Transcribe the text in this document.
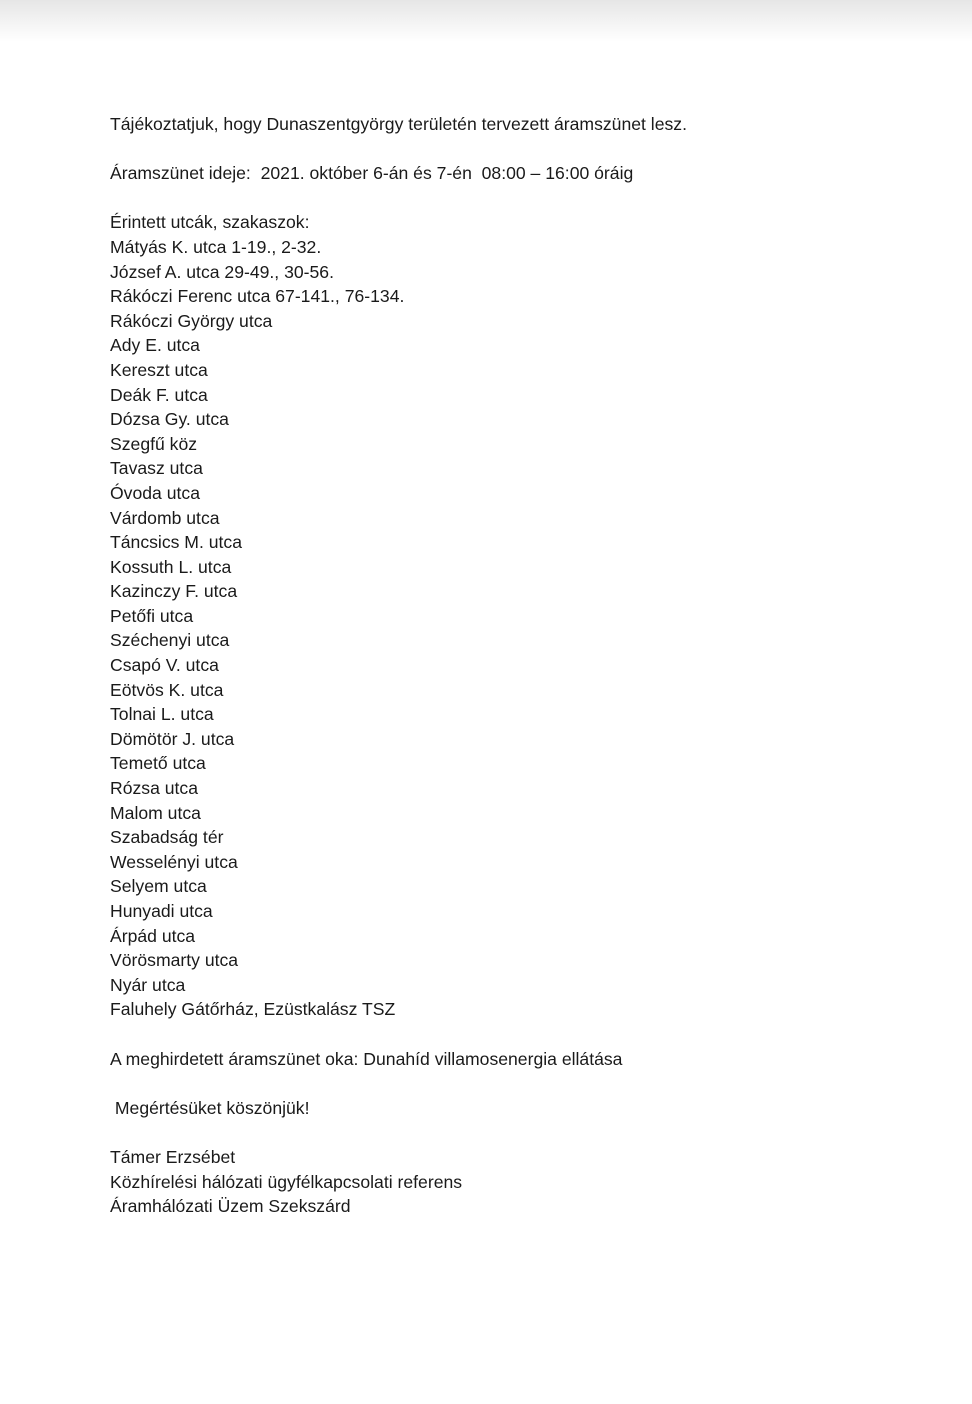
Tájékoztatjuk, hogy Dunaszentgyörgy területén tervezett áramszünet lesz.
Áramszünet ideje:  2021. október 6-án és 7-én  08:00 – 16:00 óráig
Érintett utcák, szakaszok:
Mátyás K. utca 1-19., 2-32.
József A. utca 29-49., 30-56.
Rákóczi Ferenc utca 67-141., 76-134.
Rákóczi György utca
Ady E. utca
Kereszt utca
Deák F. utca
Dózsa Gy. utca
Szegfű köz
Tavasz utca
Óvoda utca
Várdomb utca
Táncsics M. utca
Kossuth L. utca
Kazinczy F. utca
Petőfi utca
Széchenyi utca
Csapó V. utca
Eötvös K. utca
Tolnai L. utca
Dömötör J. utca
Temető utca
Rózsa utca
Malom utca
Szabadság tér
Wesselényi utca
Selyem utca
Hunyadi utca
Árpád utca
Vörösmarty utca
Nyár utca
Faluhely Gátőrház, Ezüstkalász TSZ
A meghirdetett áramszünet oka: Dunahíd villamosenergia ellátása
Megértésüket köszönjük!
Támer Erzsébet
Közhírelési hálózati ügyfélkapcsolati referens
Áramhálózati Üzem Szekszárd
